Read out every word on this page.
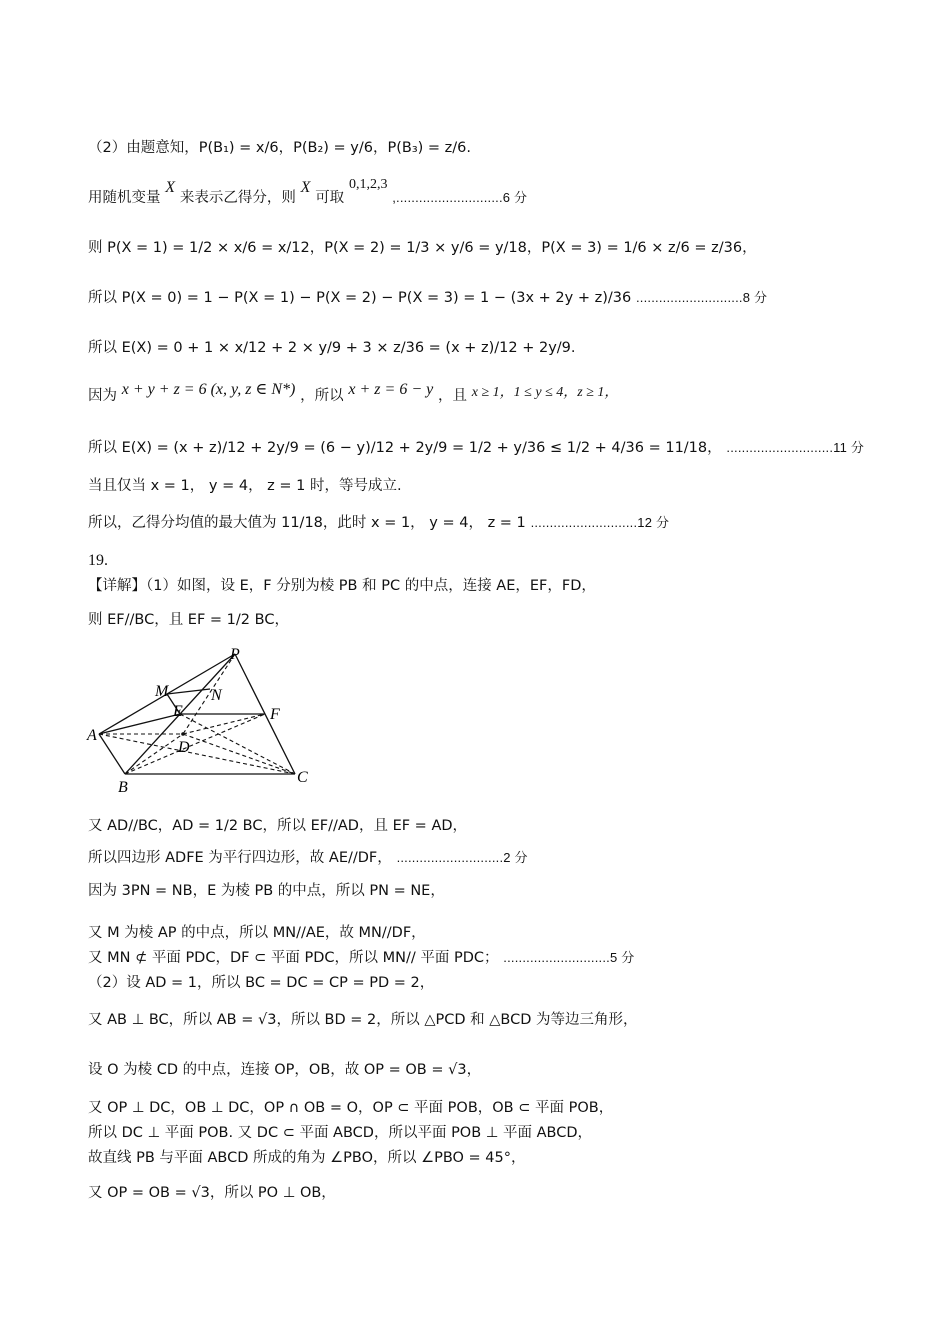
（2）由题意知，P(B₁) = x/6，P(B₂) = y/6，P(B₃) = z/6.
用随机变量 X 来表示乙得分，则 X 可取 0,1,2,3 ,............................6 分
则 P(X = 1) = 1/2 × x/6 = x/12，P(X = 2) = 1/3 × y/6 = y/18，P(X = 3) = 1/6 × z/6 = z/36，
所以 P(X = 0) = 1 − P(X = 1) − P(X = 2) − P(X = 3) = 1 − (3x + 2y + z)/36 ............................8 分
所以 E(X) = 0 + 1 × x/12 + 2 × y/9 + 3 × z/36 = (x + z)/12 + 2y/9.
因为 x + y + z = 6 (x, y, z ∈ N*) ，所以 x + z = 6 − y ，且 x ≥ 1，1 ≤ y ≤ 4，z ≥ 1，
所以 E(X) = (x + z)/12 + 2y/9 = (6 − y)/12 + 2y/9 = 1/2 + y/36 ≤ 1/2 + 4/36 = 11/18， ............................11 分
当且仅当 x = 1， y = 4， z = 1 时，等号成立.
所以，乙得分均值的最大值为 11/18，此时 x = 1， y = 4， z = 1 ............................12 分
19.
【详解】（1）如图，设 E，F 分别为棱 PB 和 PC 的中点，连接 AE，EF，FD，
则 EF//BC，且 EF = 1/2 BC，
P
M	N
E	F
A
D
B
C
又 AD//BC，AD = 1/2 BC，所以 EF//AD，且 EF = AD，
所以四边形 ADFE 为平行四边形，故 AE//DF， ............................2 分
因为 3PN = NB，E 为棱 PB 的中点，所以 PN = NE，
又 M 为棱 AP 的中点，所以 MN//AE，故 MN//DF，
又 MN ⊄ 平面 PDC，DF ⊂ 平面 PDC，所以 MN// 平面 PDC； ............................5 分
（2）设 AD = 1，所以 BC = DC = CP = PD = 2，
又 AB ⊥ BC，所以 AB = √3，所以 BD = 2，所以 △PCD 和 △BCD 为等边三角形，
设 O 为棱 CD 的中点，连接 OP，OB，故 OP = OB = √3，
又 OP ⊥ DC，OB ⊥ DC，OP ∩ OB = O，OP ⊂ 平面 POB，OB ⊂ 平面 POB，
所以 DC ⊥ 平面 POB. 又 DC ⊂ 平面 ABCD，所以平面 POB ⊥ 平面 ABCD，
故直线 PB 与平面 ABCD 所成的角为 ∠PBO，所以 ∠PBO = 45°，
又 OP = OB = √3，所以 PO ⊥ OB，
